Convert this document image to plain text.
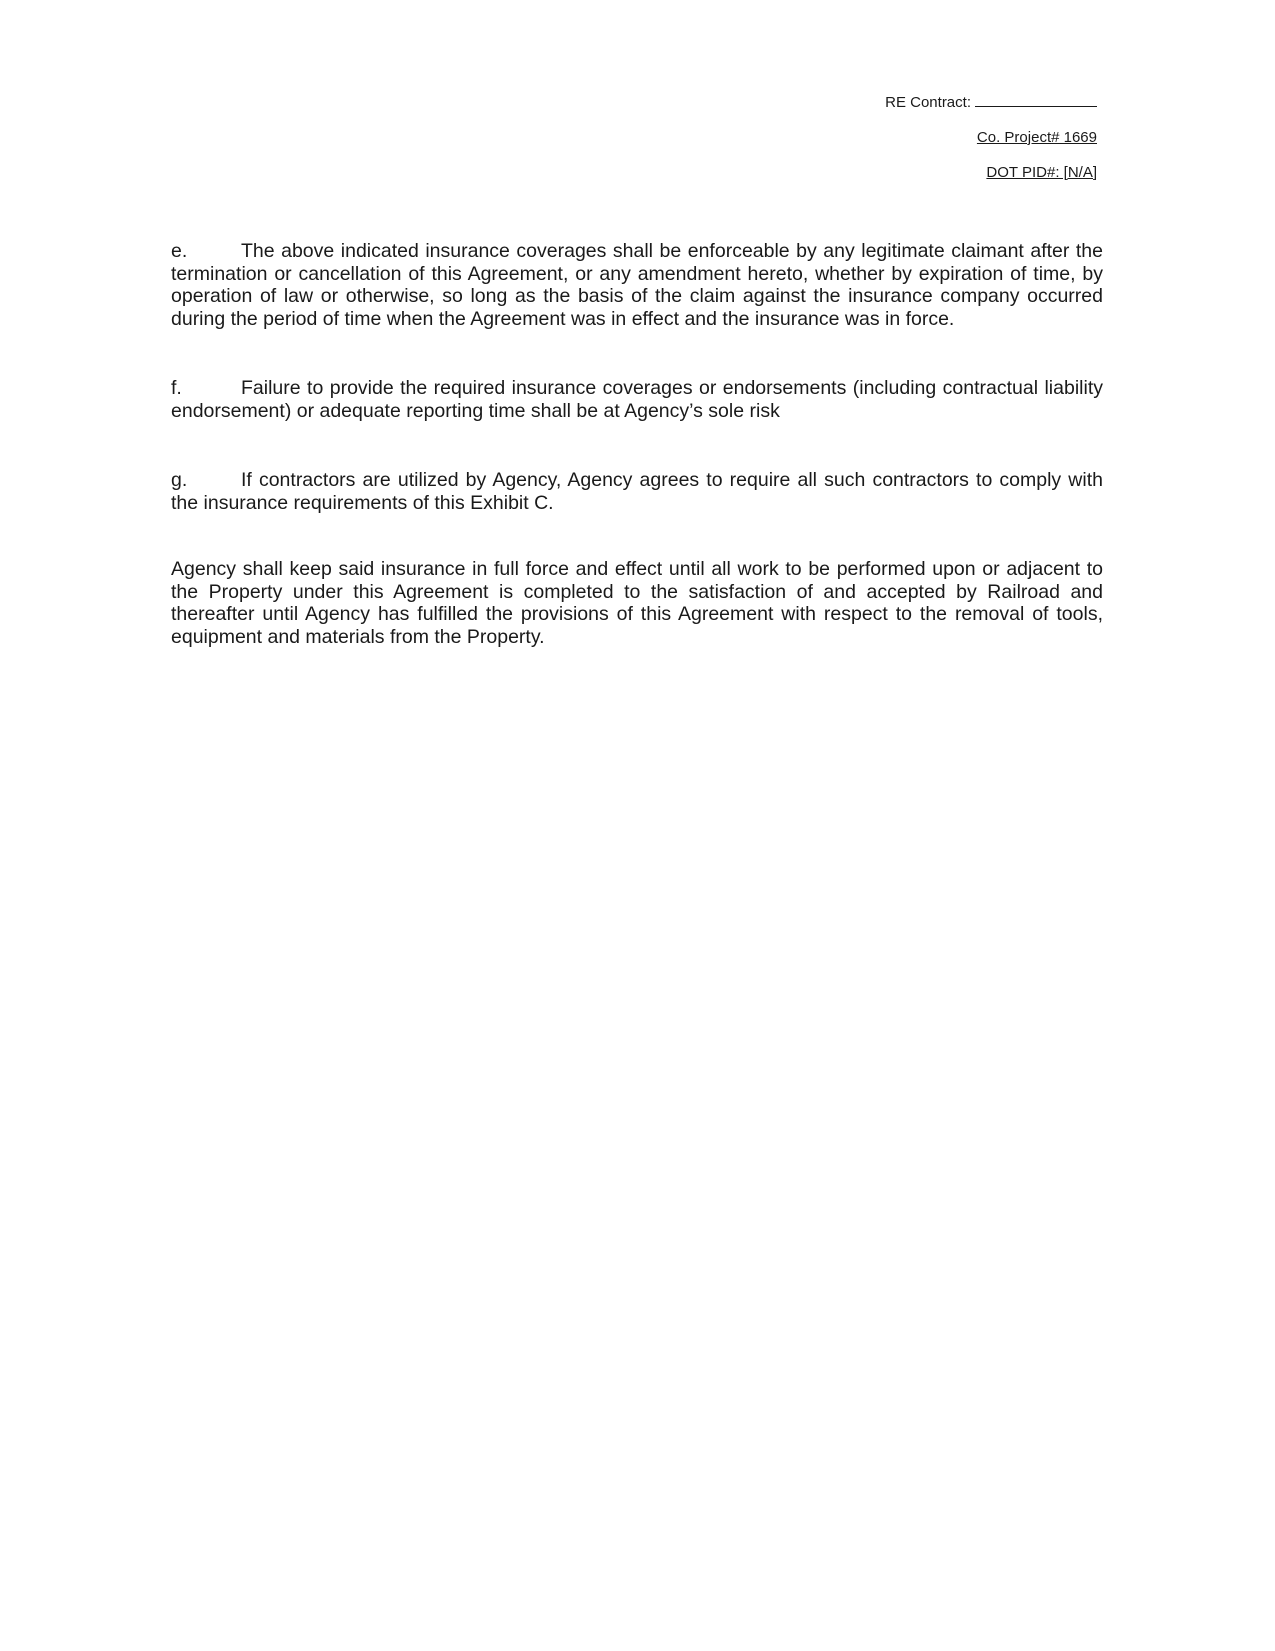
RE Contract:
Co. Project# 1669
DOT PID#: [N/A]

e.	The above indicated insurance coverages shall be enforceable by any legitimate claimant after the termination or cancellation of this Agreement, or any amendment hereto, whether by expiration of time, by operation of law or otherwise, so long as the basis of the claim against the insurance company occurred during the period of time when the Agreement was in effect and the insurance was in force.

f.	Failure to provide the required insurance coverages or endorsements (including contractual liability endorsement) or adequate reporting time shall be at Agency’s sole risk

g.	If contractors are utilized by Agency, Agency agrees to require all such contractors to comply with the insurance requirements of this Exhibit C.

Agency shall keep said insurance in full force and effect until all work to be performed upon or adjacent to the Property under this Agreement is completed to the satisfaction of and accepted by Railroad and thereafter until Agency has fulfilled the provisions of this Agreement with respect to the removal of tools, equipment and materials from the Property.
